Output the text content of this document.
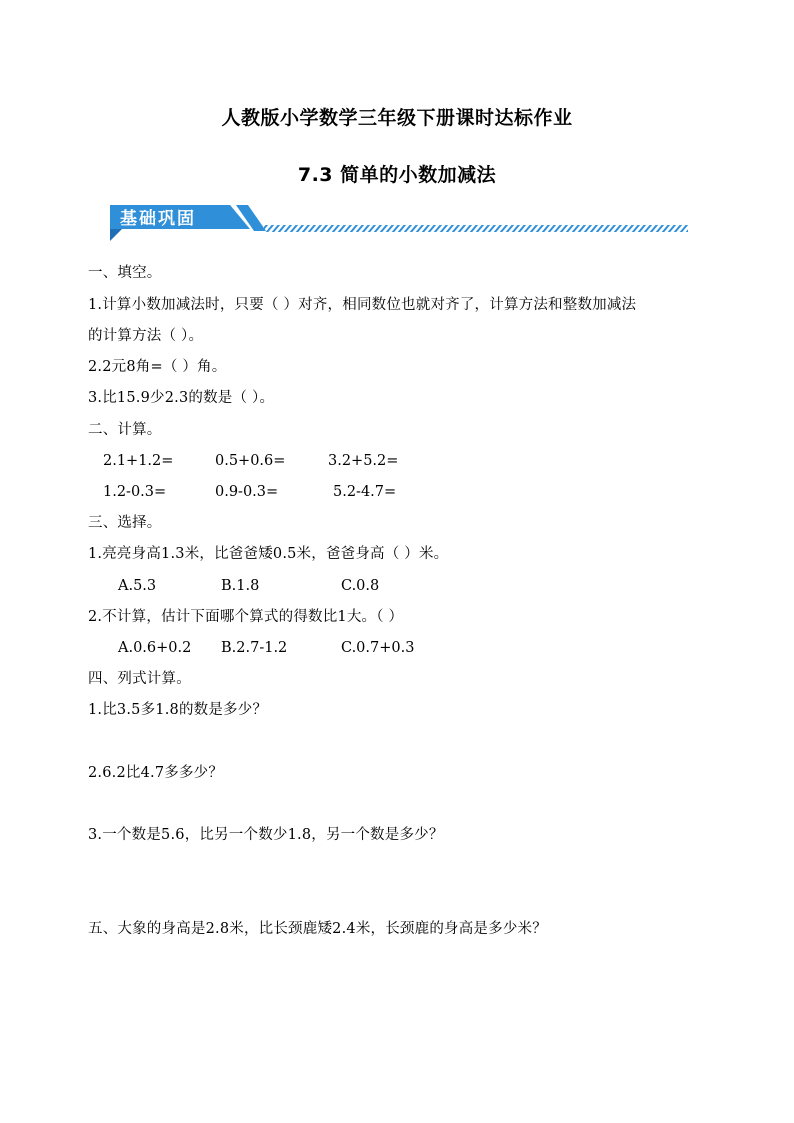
人教版小学数学三年级下册课时达标作业
7.3 简单的小数加减法
基础巩固
一、填空。
1.计算小数加减法时，只要（ ）对齐，相同数位也就对齐了，计算方法和整数加减法
的计算方法（ ）。
2.2元8角=（ ）角。
3.比15.9少2.3的数是（ ）。
二、计算。
2.1+1.2=	0.5+0.6=	3.2+5.2=
1.2-0.3=	0.9-0.3=	5.2-4.7=
三、选择。
1.亮亮身高1.3米，比爸爸矮0.5米，爸爸身高（ ）米。
A.5.3	B.1.8	C.0.8
2.不计算，估计下面哪个算式的得数比1大。（ ）
A.0.6+0.2 B.2.7-1.2	C.0.7+0.3
四、列式计算。
1.比3.5多1.8的数是多少？
2.6.2比4.7多多少？
3.一个数是5.6，比另一个数少1.8，另一个数是多少？
五、大象的身高是2.8米，比长颈鹿矮2.4米，长颈鹿的身高是多少米？
